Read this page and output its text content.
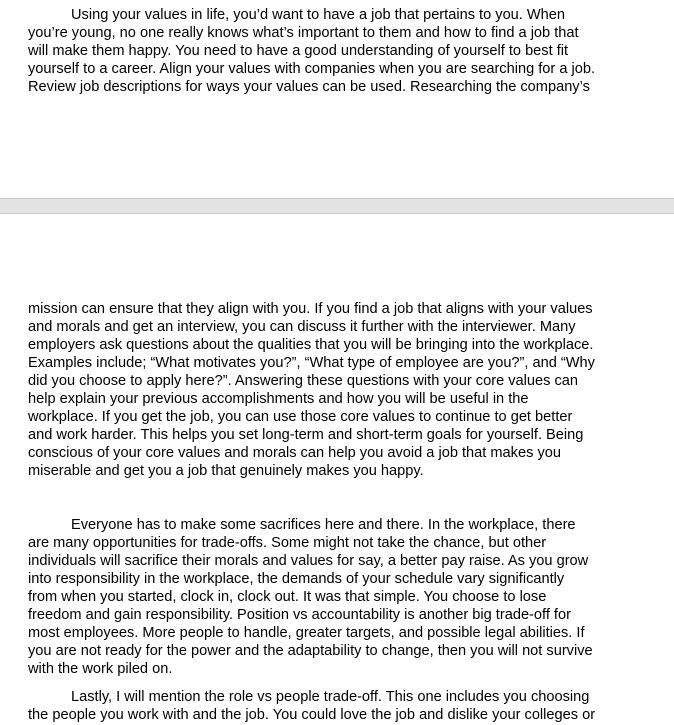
Using your values in life, you’d want to have a job that pertains to you. When
you’re young, no one really knows what’s important to them and how to find a job that
will make them happy. You need to have a good understanding of yourself to best fit
yourself to a career. Align your values with companies when you are searching for a job.
Review job descriptions for ways your values can be used. Researching the company’s
mission can ensure that they align with you. If you find a job that aligns with your values
and morals and get an interview, you can discuss it further with the interviewer. Many
employers ask questions about the qualities that you will be bringing into the workplace.
Examples include; “What motivates you?”, “What type of employee are you?”, and “Why
did you choose to apply here?”. Answering these questions with your core values can
help explain your previous accomplishments and how you will be useful in the
workplace. If you get the job, you can use those core values to continue to get better
and work harder. This helps you set long-term and short-term goals for yourself. Being
conscious of your core values and morals can help you avoid a job that makes you
miserable and get you a job that genuinely makes you happy.
Everyone has to make some sacrifices here and there. In the workplace, there
are many opportunities for trade-offs. Some might not take the chance, but other
individuals will sacrifice their morals and values for say, a better pay raise. As you grow
into responsibility in the workplace, the demands of your schedule vary significantly
from when you started, clock in, clock out. It was that simple. You choose to lose
freedom and gain responsibility. Position vs accountability is another big trade-off for
most employees. More people to handle, greater targets, and possible legal abilities. If
you are not ready for the power and the adaptability to change, then you will not survive
with the work piled on.
Lastly, I will mention the role vs people trade-off. This one includes you choosing
the people you work with and the job. You could love the job and dislike your colleges or
